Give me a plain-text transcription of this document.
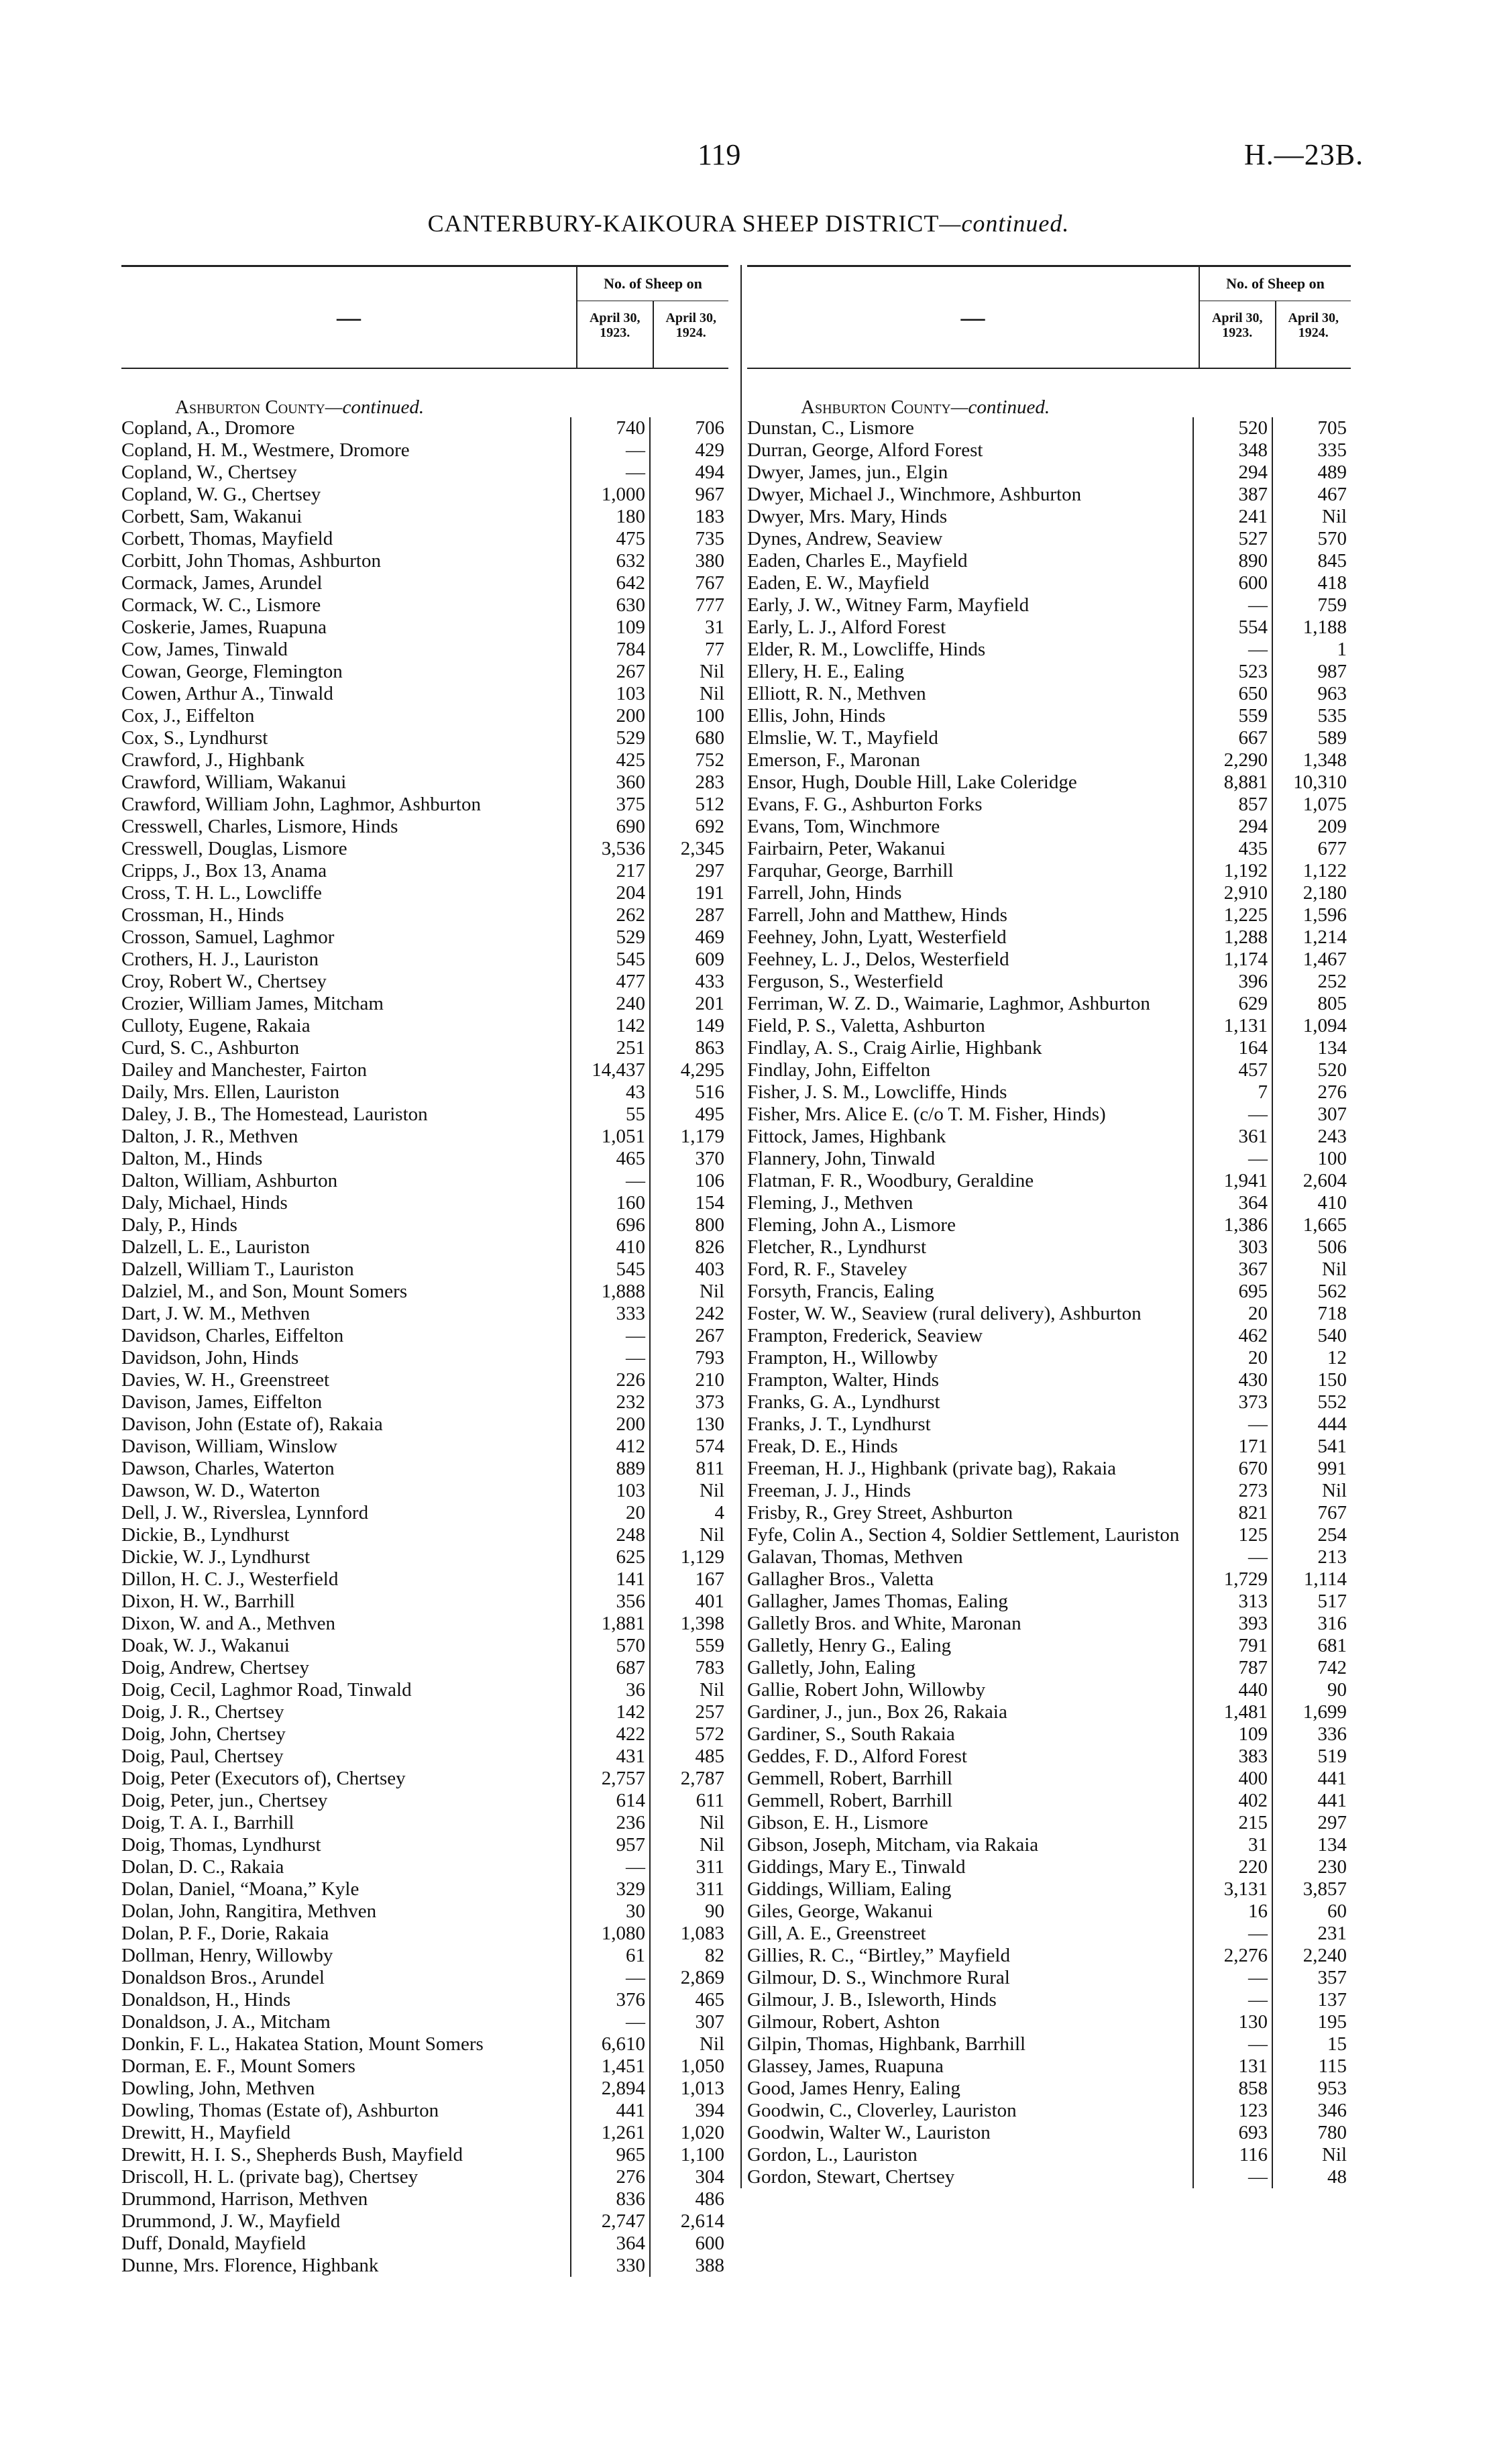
119	H.—23B.
CANTERBURY-KAIKOURA SHEEP DISTRICT—continued.
—
No. of Sheep on
April 30, 1923.
April 30, 1924.
Ashburton County—continued.
Copland, A., Dromore	740	706
Copland, H. M., Westmere, Dromore	—	429
Copland, W., Chertsey	—	494
Copland, W. G., Chertsey	1,000	967
Corbett, Sam, Wakanui	180	183
Corbett, Thomas, Mayfield	475	735
Corbitt, John Thomas, Ashburton	632	380
Cormack, James, Arundel	642	767
Cormack, W. C., Lismore	630	777
Coskerie, James, Ruapuna	109	31
Cow, James, Tinwald	784	77
Cowan, George, Flemington	267	Nil
Cowen, Arthur A., Tinwald	103	Nil
Cox, J., Eiffelton	200	100
Cox, S., Lyndhurst	529	680
Crawford, J., Highbank	425	752
Crawford, William, Wakanui	360	283
Crawford, William John, Laghmor, Ashburton	375	512
Cresswell, Charles, Lismore, Hinds	690	692
Cresswell, Douglas, Lismore	3,536	2,345
Cripps, J., Box 13, Anama	217	297
Cross, T. H. L., Lowcliffe	204	191
Crossman, H., Hinds	262	287
Crosson, Samuel, Laghmor	529	469
Crothers, H. J., Lauriston	545	609
Croy, Robert W., Chertsey	477	433
Crozier, William James, Mitcham	240	201
Culloty, Eugene, Rakaia	142	149
Curd, S. C., Ashburton	251	863
Dailey and Manchester, Fairton	14,437	4,295
Daily, Mrs. Ellen, Lauriston	43	516
Daley, J. B., The Homestead, Lauriston	55	495
Dalton, J. R., Methven	1,051	1,179
Dalton, M., Hinds	465	370
Dalton, William, Ashburton	—	106
Daly, Michael, Hinds	160	154
Daly, P., Hinds	696	800
Dalzell, L. E., Lauriston	410	826
Dalzell, William T., Lauriston	545	403
Dalziel, M., and Son, Mount Somers	1,888	Nil
Dart, J. W. M., Methven	333	242
Davidson, Charles, Eiffelton	—	267
Davidson, John, Hinds	—	793
Davies, W. H., Greenstreet	226	210
Davison, James, Eiffelton	232	373
Davison, John (Estate of), Rakaia	200	130
Davison, William, Winslow	412	574
Dawson, Charles, Waterton	889	811
Dawson, W. D., Waterton	103	Nil
Dell, J. W., Riverslea, Lynnford	20	4
Dickie, B., Lyndhurst	248	Nil
Dickie, W. J., Lyndhurst	625	1,129
Dillon, H. C. J., Westerfield	141	167
Dixon, H. W., Barrhill	356	401
Dixon, W. and A., Methven	1,881	1,398
Doak, W. J., Wakanui	570	559
Doig, Andrew, Chertsey	687	783
Doig, Cecil, Laghmor Road, Tinwald	36	Nil
Doig, J. R., Chertsey	142	257
Doig, John, Chertsey	422	572
Doig, Paul, Chertsey	431	485
Doig, Peter (Executors of), Chertsey	2,757	2,787
Doig, Peter, jun., Chertsey	614	611
Doig, T. A. I., Barrhill	236	Nil
Doig, Thomas, Lyndhurst	957	Nil
Dolan, D. C., Rakaia	—	311
Dolan, Daniel, “Moana,” Kyle	329	311
Dolan, John, Rangitira, Methven	30	90
Dolan, P. F., Dorie, Rakaia	1,080	1,083
Dollman, Henry, Willowby	61	82
Donaldson Bros., Arundel	—	2,869
Donaldson, H., Hinds	376	465
Donaldson, J. A., Mitcham	—	307
Donkin, F. L., Hakatea Station, Mount Somers	6,610	Nil
Dorman, E. F., Mount Somers	1,451	1,050
Dowling, John, Methven	2,894	1,013
Dowling, Thomas (Estate of), Ashburton	441	394
Drewitt, H., Mayfield	1,261	1,020
Drewitt, H. I. S., Shepherds Bush, Mayfield	965	1,100
Driscoll, H. L. (private bag), Chertsey	276	304
Drummond, Harrison, Methven	836	486
Drummond, J. W., Mayfield	2,747	2,614
Duff, Donald, Mayfield	364	600
Dunne, Mrs. Florence, Highbank	330	388
—
No. of Sheep on
April 30, 1923.
April 30, 1924.
Ashburton County—continued.
Dunstan, C., Lismore	520	705
Durran, George, Alford Forest	348	335
Dwyer, James, jun., Elgin	294	489
Dwyer, Michael J., Winchmore, Ashburton	387	467
Dwyer, Mrs. Mary, Hinds	241	Nil
Dynes, Andrew, Seaview	527	570
Eaden, Charles E., Mayfield	890	845
Eaden, E. W., Mayfield	600	418
Early, J. W., Witney Farm, Mayfield	—	759
Early, L. J., Alford Forest	554	1,188
Elder, R. M., Lowcliffe, Hinds	—	1
Ellery, H. E., Ealing	523	987
Elliott, R. N., Methven	650	963
Ellis, John, Hinds	559	535
Elmslie, W. T., Mayfield	667	589
Emerson, F., Maronan	2,290	1,348
Ensor, Hugh, Double Hill, Lake Coleridge	8,881	10,310
Evans, F. G., Ashburton Forks	857	1,075
Evans, Tom, Winchmore	294	209
Fairbairn, Peter, Wakanui	435	677
Farquhar, George, Barrhill	1,192	1,122
Farrell, John, Hinds	2,910	2,180
Farrell, John and Matthew, Hinds	1,225	1,596
Feehney, John, Lyatt, Westerfield	1,288	1,214
Feehney, L. J., Delos, Westerfield	1,174	1,467
Ferguson, S., Westerfield	396	252
Ferriman, W. Z. D., Waimarie, Laghmor, Ashburton	629	805
Field, P. S., Valetta, Ashburton	1,131	1,094
Findlay, A. S., Craig Airlie, Highbank	164	134
Findlay, John, Eiffelton	457	520
Fisher, J. S. M., Lowcliffe, Hinds	7	276
Fisher, Mrs. Alice E. (c/o T. M. Fisher, Hinds)	—	307
Fittock, James, Highbank	361	243
Flannery, John, Tinwald	—	100
Flatman, F. R., Woodbury, Geraldine	1,941	2,604
Fleming, J., Methven	364	410
Fleming, John A., Lismore	1,386	1,665
Fletcher, R., Lyndhurst	303	506
Ford, R. F., Staveley	367	Nil
Forsyth, Francis, Ealing	695	562
Foster, W. W., Seaview (rural delivery), Ashburton	20	718
Frampton, Frederick, Seaview	462	540
Frampton, H., Willowby	20	12
Frampton, Walter, Hinds	430	150
Franks, G. A., Lyndhurst	373	552
Franks, J. T., Lyndhurst	—	444
Freak, D. E., Hinds	171	541
Freeman, H. J., Highbank (private bag), Rakaia	670	991
Freeman, J. J., Hinds	273	Nil
Frisby, R., Grey Street, Ashburton	821	767
Fyfe, Colin A., Section 4, Soldier Settlement, Lauriston	125	254
Galavan, Thomas, Methven	—	213
Gallagher Bros., Valetta	1,729	1,114
Gallagher, James Thomas, Ealing	313	517
Galletly Bros. and White, Maronan	393	316
Galletly, Henry G., Ealing	791	681
Galletly, John, Ealing	787	742
Gallie, Robert John, Willowby	440	90
Gardiner, J., jun., Box 26, Rakaia	1,481	1,699
Gardiner, S., South Rakaia	109	336
Geddes, F. D., Alford Forest	383	519
Gemmell, Robert, Barrhill	400	441
Gemmell, Robert, Barrhill	402	441
Gibson, E. H., Lismore	215	297
Gibson, Joseph, Mitcham, via Rakaia	31	134
Giddings, Mary E., Tinwald	220	230
Giddings, William, Ealing	3,131	3,857
Giles, George, Wakanui	16	60
Gill, A. E., Greenstreet	—	231
Gillies, R. C., “Birtley,” Mayfield	2,276	2,240
Gilmour, D. S., Winchmore Rural	—	357
Gilmour, J. B., Isleworth, Hinds	—	137
Gilmour, Robert, Ashton	130	195
Gilpin, Thomas, Highbank, Barrhill	—	15
Glassey, James, Ruapuna	131	115
Good, James Henry, Ealing	858	953
Goodwin, C., Cloverley, Lauriston	123	346
Goodwin, Walter W., Lauriston	693	780
Gordon, L., Lauriston	116	Nil
Gordon, Stewart, Chertsey	—	48
